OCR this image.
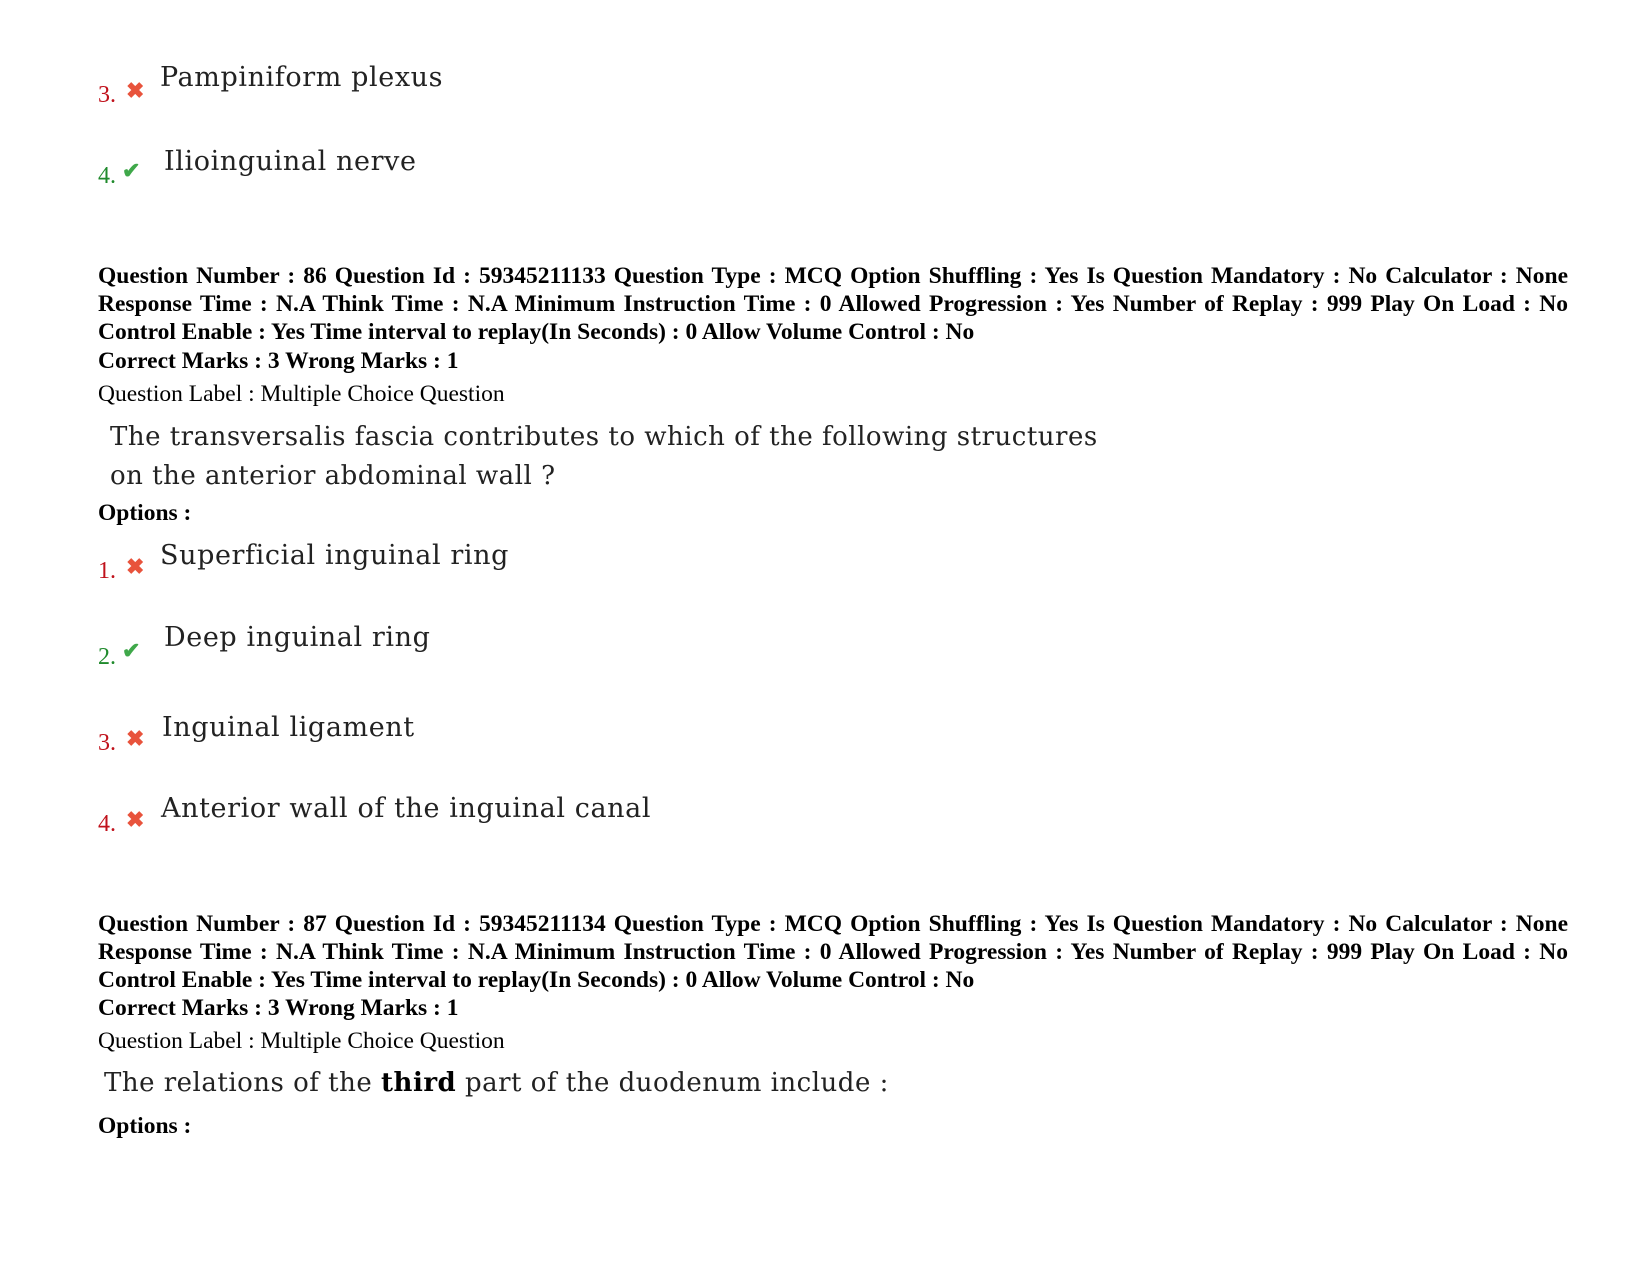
3. ✖ Pampiniform plexus
4. ✔ Ilioinguinal nerve
Question Number : 86 Question Id : 59345211133 Question Type : MCQ Option Shuffling : Yes Is Question Mandatory : No Calculator : None Response Time : N.A Think Time : N.A Minimum Instruction Time : 0 Allowed Progression : Yes Number of Replay : 999 Play On Load : No Control Enable : Yes Time interval to replay(In Seconds) : 0 Allow Volume Control : No
Correct Marks : 3 Wrong Marks : 1
Question Label : Multiple Choice Question
The transversalis fascia contributes to which of the following structures
on the anterior abdominal wall ?
Options :
1. ✖ Superficial inguinal ring
2. ✔ Deep inguinal ring
3. ✖ Inguinal ligament
4. ✖ Anterior wall of the inguinal canal
Question Number : 87 Question Id : 59345211134 Question Type : MCQ Option Shuffling : Yes Is Question Mandatory : No Calculator : None Response Time : N.A Think Time : N.A Minimum Instruction Time : 0 Allowed Progression : Yes Number of Replay : 999 Play On Load : No Control Enable : Yes Time interval to replay(In Seconds) : 0 Allow Volume Control : No
Correct Marks : 3 Wrong Marks : 1
Question Label : Multiple Choice Question
The relations of the third part of the duodenum include :
Options :
